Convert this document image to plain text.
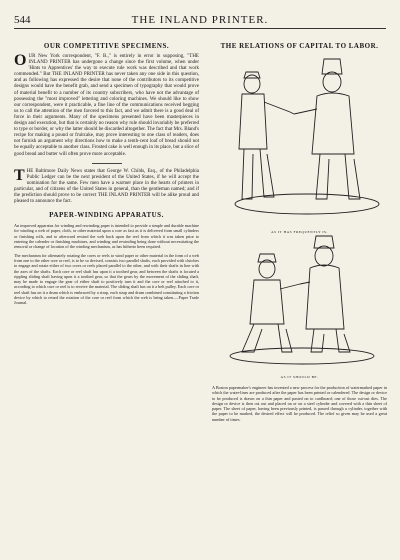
544	THE INLAND PRINTER.
OUR COMPETITIVE SPECIMENS.
OUR New York correspondent, "F. B.," is entirely in error in supposing, "THE INLAND PRINTER has undergone a change since the first volume, when under 'Hints to Apprentices' the way to execute rule work was described and that work commended." But THE INLAND PRINTER has never taken any one side in this question, and as following has expressed the desire that none of the contributors to its competitive designs would have the benefit grab, and send a specimen of typography that would prove of material benefit to a number of its country subscribers, who have not the advantage of possessing the "most improved" lettering and coloring machines. We should like to show our correspondent, were it practicable, a fine line of the communications received begging us to call the attention of the men favored to this fact, and we admit there is a good deal of force in their arguments. Many of the specimens presented have been masterpieces in design and execution, but that is certainly no reason why rule should invariably be preferred to type or border, or why the latter should be discarded altogether. The fact that Mrs. Bland's recipe for making a pound or fruitcake, may prove interesting to one class of readers, does not furnish an argument why directions how to make a tenth-cent loaf of bread should not be equally acceptable to another class. Frosted cake is well enough in its place, but a slice of good bread and butter will often prove more acceptable.
THE Baltimore Daily News states that George W. Childs, Esq., of the Philadelphia Public Ledger can be the next president of the United States, if he will accept the nomination for the same. Few men have a warmer place in the hearts of printers in particular, and of citizens of the United States in general, than the gentleman named; and if the prediction should prove to be correct THE INLAND PRINTER will be alike proud and pleased to announce the fact.
PAPER-WINDING APPARATUS.
An improved apparatus for winding and rewinding paper is intended to provide a simple and durable machine for winding a web of paper, cloth, or other material upon a core as fast as it is delivered from small cylinders or finishing rolls, and to afterward rewind the web back upon the reel from which it was taken prior to entering the calender or finishing machines, and winding and rewinding being done without necessitating the removal or change of location of the winding mechanism, as has hitherto been required.
The mechanism for alternately rotating the cores or reels to wind paper or other material in the form of a web from one to the other core or reel, is to be so devised, consists two parallel shafts, each provided with clutches to engage and rotate either of two cores or reels placed parallel to the other, and with their shafts in line with the axes of the shafts. Each core or reel shaft has upon it a toothed gear, and between the shafts is located a rippling sliding shaft having upon it a toothed gear, so that the gears by the movement of the sliding shaft, may be made to engage the gear of either shaft to positively turn it and the core or reel attached to it, according to which core or reel is to receive the material. The sliding shaft has on it a belt pulley. Each core or reel shaft has on it a drum which is embraced by a strap, each strap and drum combined constituting a friction device by which to retard the rotation of the core or reel from which the web is being taken.—Paper Trade Journal.
THE RELATIONS OF CAPITAL TO LABOR.
AS IT HAS FREQUENTLY IS.
AS IT SHOULD BE.
A Boston papermaker's engineer has invented a new process for the production of watermarked paper in which the water-lines are produced after the paper has been printed or calendered. The design or device to be produced is drawn on a thin paper and pasted on to cardboard; one of those cut-out dies. The design or device is then cut out and placed on or on a steel cylinder and covered with a thin sheet of paper. The sheet of paper, having been previously printed, is passed through a cylinder, together with the paper to be marked, the desired effect will be produced. The relief so given may be used a great number of times.
